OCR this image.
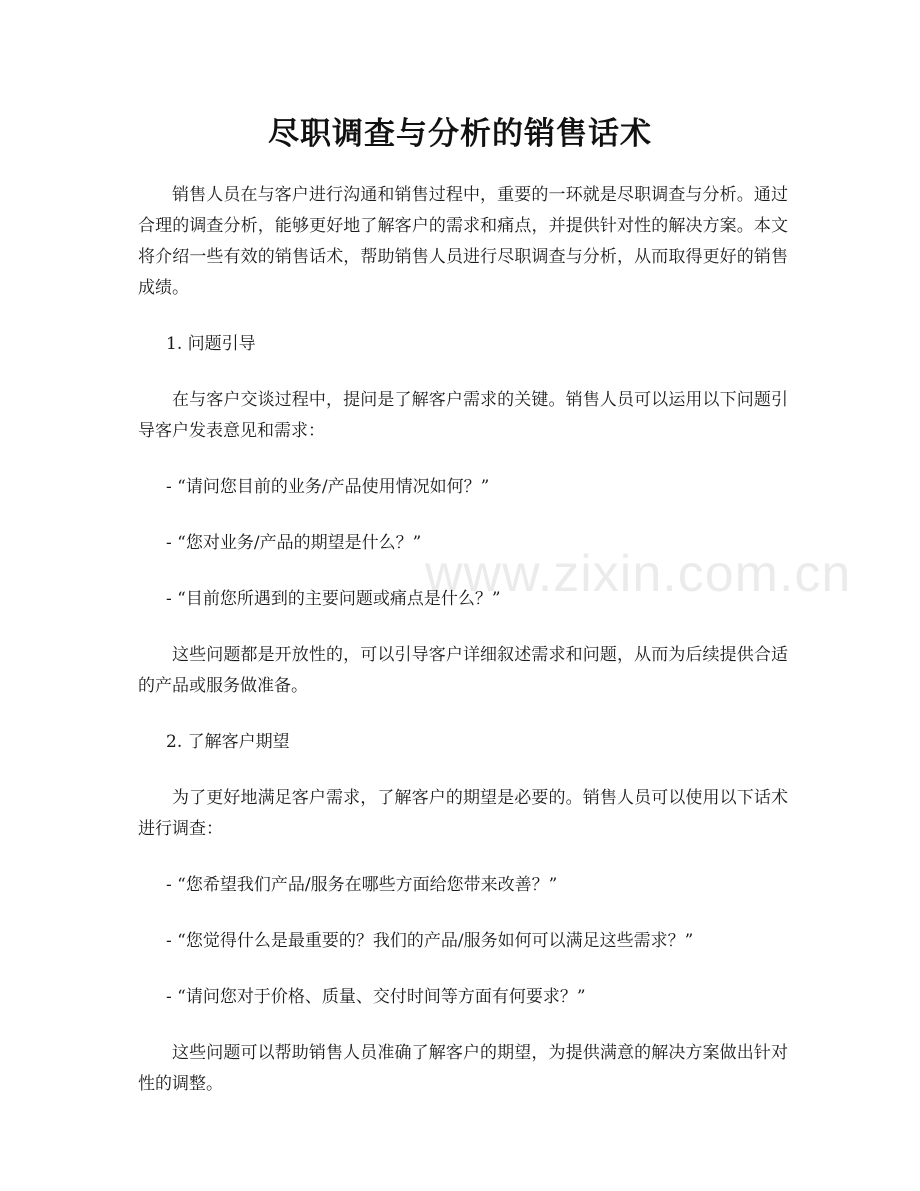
尽职调查与分析的销售话术

销售人员在与客户进行沟通和销售过程中，重要的一环就是尽职调查与分析。通过合理的调查分析，能够更好地了解客户的需求和痛点，并提供针对性的解决方案。本文将介绍一些有效的销售话术，帮助销售人员进行尽职调查与分析，从而取得更好的销售成绩。

1. 问题引导

在与客户交谈过程中，提问是了解客户需求的关键。销售人员可以运用以下问题引导客户发表意见和需求：

- “请问您目前的业务/产品使用情况如何？”

- “您对业务/产品的期望是什么？”

- “目前您所遇到的主要问题或痛点是什么？”

这些问题都是开放性的，可以引导客户详细叙述需求和问题，从而为后续提供合适的产品或服务做准备。

2. 了解客户期望

为了更好地满足客户需求，了解客户的期望是必要的。销售人员可以使用以下话术进行调查：

- “您希望我们产品/服务在哪些方面给您带来改善？”

- “您觉得什么是最重要的？我们的产品/服务如何可以满足这些需求？”

- “请问您对于价格、质量、交付时间等方面有何要求？”

这些问题可以帮助销售人员准确了解客户的期望，为提供满意的解决方案做出针对性的调整。

www.zixin.com.cn
